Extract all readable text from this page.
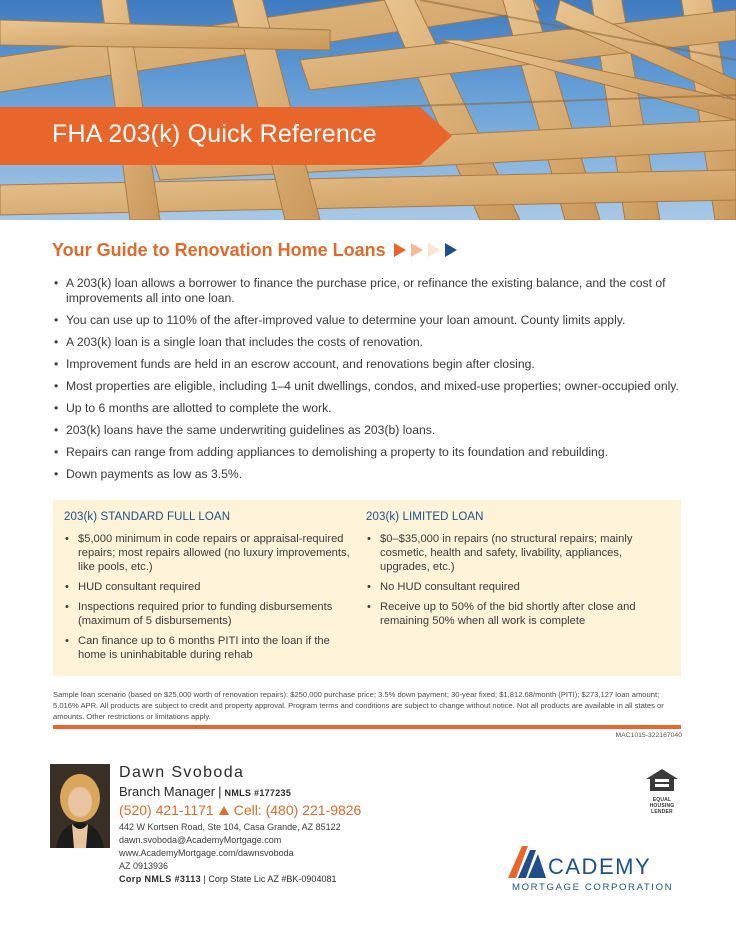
FHA 203(k) Quick Reference
Your Guide to Renovation Home Loans
• A 203(k) loan allows a borrower to finance the purchase price, or refinance the existing balance, and the cost of improvements all into one loan.
• You can use up to 110% of the after-improved value to determine your loan amount. County limits apply.
• A 203(k) loan is a single loan that includes the costs of renovation.
• Improvement funds are held in an escrow account, and renovations begin after closing.
• Most properties are eligible, including 1–4 unit dwellings, condos, and mixed-use properties; owner-occupied only.
• Up to 6 months are allotted to complete the work.
• 203(k) loans have the same underwriting guidelines as 203(b) loans.
• Repairs can range from adding appliances to demolishing a property to its foundation and rebuilding.
• Down payments as low as 3.5%.
203(k) STANDARD FULL LOAN
• $5,000 minimum in code repairs or appraisal-required repairs; most repairs allowed (no luxury improvements, like pools, etc.)
• HUD consultant required
• Inspections required prior to funding disbursements (maximum of 5 disbursements)
• Can finance up to 6 months PITI into the loan if the home is uninhabitable during rehab
203(k) LIMITED LOAN
• $0–$35,000 in repairs (no structural repairs; mainly cosmetic, health and safety, livability, appliances, upgrades, etc.)
• No HUD consultant required
• Receive up to 50% of the bid shortly after close and remaining 50% when all work is complete

Sample loan scenario (based on $25,000 worth of renovation repairs): $250,000 purchase price; 3.5% down payment; 30-year fixed; $1,812.68/month (PITI); $273,127 loan amount; 5.016% APR. All products are subject to credit and property approval. Program terms and conditions are subject to change without notice. Not all products are available in all states or amounts. Other restrictions or limitations apply.

MAC1015-322167040
Dawn Svoboda
Branch Manager | NMLS #177235
(520) 421-1171 Cell: (480) 221-9826
442 W Kortsen Road, Ste 104, Casa Grande, AZ 85122
dawn.svoboda@AcademyMortgage.com
www.AcademyMortgage.com/dawnsvoboda
AZ 0913936
Corp NMLS #3113 | Corp State Lic AZ #BK-0904081
EQUAL HOUSING
LENDER
CADEMY
MORTGAGE CORPORATION
